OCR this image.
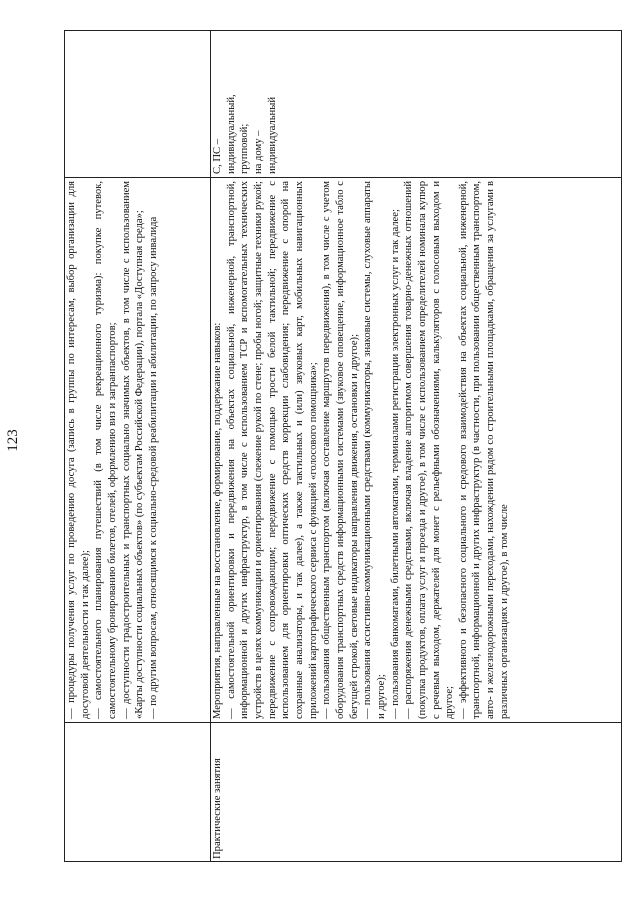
123	— процедуры получения услуг по проведению досуга (запись в группы по интересам, выбор организации для досуговой деятельности и так далее); — самостоятельного планирования путешествий (в том числе рекреационного туризма): покупке путевок, самостоятельному бронированию билетов, отелей, оформлению виз и загранпаспортов; — доступности градостроительных и транспортных социально значимых объектов, в том числе с использованием «Карты доступности социальных объектов» (по субъектам Российской Федерации), портала «Доступная среда»; — по другим вопросам, относящимся к социально-средовой реабилитации и абилитации, по запросу инвалида
Практические занятия
Мероприятия, направленные на восстановление, формирование, поддержание навыков: — самостоятельной ориентировки и передвижения на объектах социальной, инженерной, транспортной, информационной и других инфраструктур, в том числе с использованием ТСР и вспомогательных технических устройств в целях коммуникации и ориентирования (слежение рукой по стене; пробы ногой; защитные техники рукой; передвижение с сопровождающим; передвижение с помощью трости белой тактильной; передвижение с использованием для ориентировки оптических средств коррекции слабовидения; передвижение с опорой на сохранные анализаторы, и так далее), а также тактильных и (или) звуковых карт, мобильных навигационных приложений картографического сервиса с функцией «голосового помощника»; — пользования общественным транспортом (включая составление маршрутов передвижения), в том числе с учетом оборудования транспортных средств информационными системами (звуковое оповещение, информационное табло с бегущей строкой, световые индикаторы направления движения, остановки и другое); — пользования ассистивно-коммуникационными средствами (коммуникаторы, знаковые системы, слуховые аппараты и другое); — пользования банкоматами, билетными автоматами, терминалами регистрации электронных услуг и так далее; — распоряжения денежными средствами, включая владение алгоритмом совершения товарно-денежных отношений (покупка продуктов, оплата услуг и проезда и другое), в том числе с использованием определителей номинала купюр с речевым выходом, держателей для монет с рельефными обозначениями, калькуляторов с голосовым выходом и другое; — эффективного и безопасного социального и средового взаимодействия на объектах социальной, инженерной, транспортной, информационной и других инфраструктур (в частности, при пользовании общественным транспортом, авто- и железнодорожными переходами, нахождении рядом со строительными площадками, обращения за услугами в различных организациях и другое), в том числе
С, ПС – индивидуальный, групповой; на дому – индивидуальный
